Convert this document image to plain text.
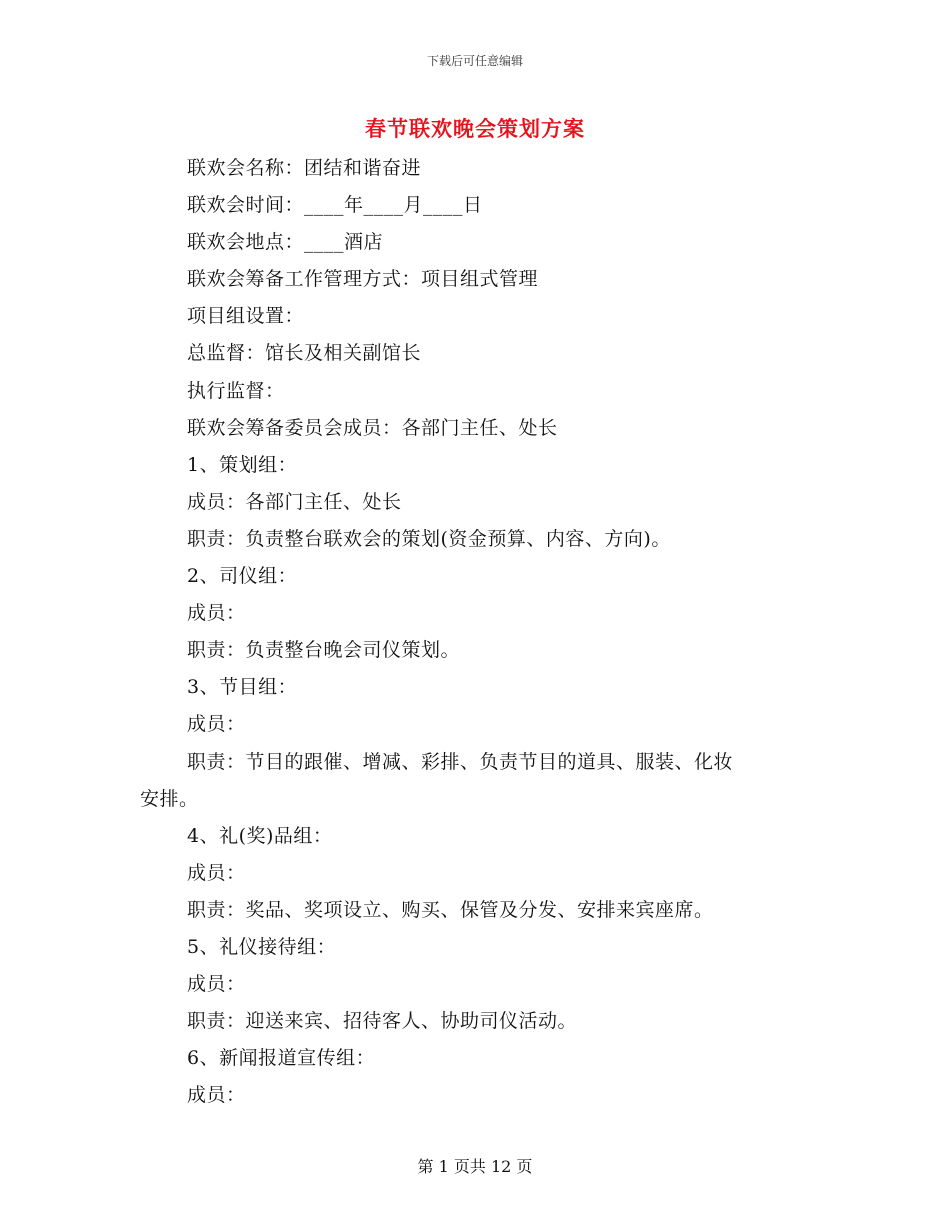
下载后可任意编辑
春节联欢晚会策划方案
联欢会名称：团结和谐奋进
联欢会时间：____年____月____日
联欢会地点：____酒店
联欢会筹备工作管理方式：项目组式管理
项目组设置：
总监督：馆长及相关副馆长
执行监督：
联欢会筹备委员会成员：各部门主任、处长
1、策划组：
成员：各部门主任、处长
职责：负责整台联欢会的策划(资金预算、内容、方向)。
2、司仪组：
成员：
职责：负责整台晚会司仪策划。
3、节目组：
成员：
职责：节目的跟催、增减、彩排、负责节目的道具、服装、化妆
安排。
4、礼(奖)品组：
成员：
职责：奖品、奖项设立、购买、保管及分发、安排来宾座席。
5、礼仪接待组：
成员：
职责：迎送来宾、招待客人、协助司仪活动。
6、新闻报道宣传组：
成员：
第 1 页共 12 页
